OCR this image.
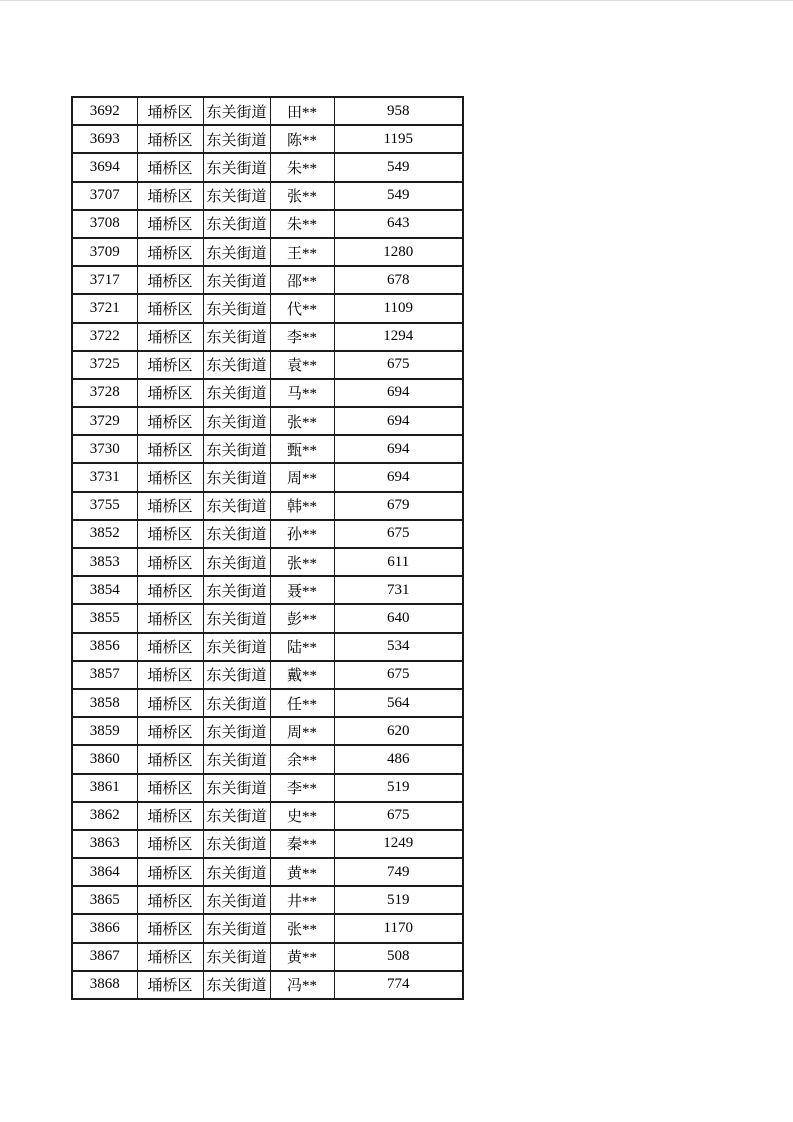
3692	埇桥区	东关街道	田**	958
3693	埇桥区	东关街道	陈**	1195
3694	埇桥区	东关街道	朱**	549
3707	埇桥区	东关街道	张**	549
3708	埇桥区	东关街道	朱**	643
3709	埇桥区	东关街道	王**	1280
3717	埇桥区	东关街道	邵**	678
3721	埇桥区	东关街道	代**	1109
3722	埇桥区	东关街道	李**	1294
3725	埇桥区	东关街道	袁**	675
3728	埇桥区	东关街道	马**	694
3729	埇桥区	东关街道	张**	694
3730	埇桥区	东关街道	甄**	694
3731	埇桥区	东关街道	周**	694
3755	埇桥区	东关街道	韩**	679
3852	埇桥区	东关街道	孙**	675
3853	埇桥区	东关街道	张**	611
3854	埇桥区	东关街道	聂**	731
3855	埇桥区	东关街道	彭**	640
3856	埇桥区	东关街道	陆**	534
3857	埇桥区	东关街道	戴**	675
3858	埇桥区	东关街道	任**	564
3859	埇桥区	东关街道	周**	620
3860	埇桥区	东关街道	余**	486
3861	埇桥区	东关街道	李**	519
3862	埇桥区	东关街道	史**	675
3863	埇桥区	东关街道	秦**	1249
3864	埇桥区	东关街道	黄**	749
3865	埇桥区	东关街道	井**	519
3866	埇桥区	东关街道	张**	1170
3867	埇桥区	东关街道	黄**	508
3868	埇桥区	东关街道	冯**	774
